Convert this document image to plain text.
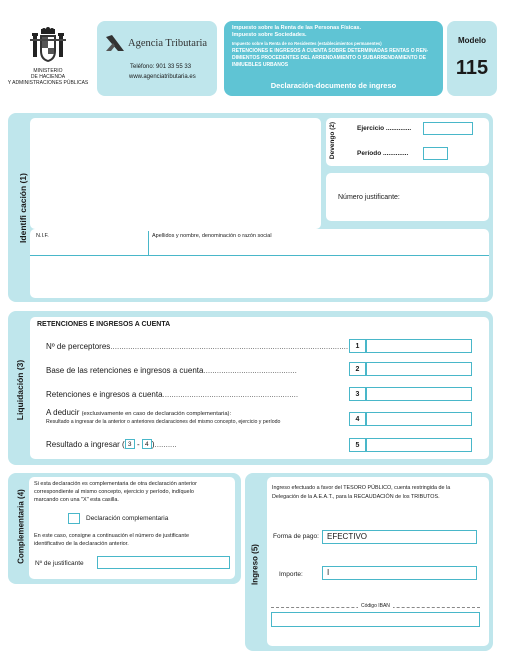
MINISTERIO
DE HACIENDA
Y ADMINISTRACIONES PÚBLICAS
Agencia Tributaria
Teléfono: 901 33 55 33
www.agenciatributaria.es
Impuesto sobre la Renta de las Personas Físicas.
Impuesto sobre Sociedades.
Impuesto sobre la Renta de no Residentes (establecimientos permanentes)
RETENCIONES E INGRESOS A CUENTA SOBRE DETERMINADAS RENTAS O REN-
DIMIENTOS PROCEDENTES DEL ARRENDAMIENTO O SUBARRENDAMIENTO DE
INMUEBLES URBANOS
Declaración-documento de ingreso
Modelo
115
Identifi cación (1)
Devengo (2)	Ejercicio ..............
Período ..............
Número justificante:
N.I.F.	Apellidos y nombre, denominación o razón social
Liquidación (3)
RETENCIONES E INGRESOS A CUENTA
Nº de perceptores...........................................................................................................	1
Base de las retenciones e ingresos a cuenta..........................................	2
Retenciones e ingresos a cuenta.............................................................	3
A deducir (exclusivamente en caso de declaración complementaria):
Resultado a ingresar de la anterior o anteriores declaraciones del mismo concepto, ejercicio y período	4
Resultado a ingresar ( 3 - 4 ) ..........	5
Complementaria (4)
Si esta declaración es complementaria de otra declaración anterior
correspondiente al mismo concepto, ejercicio y período, indíquelo
marcando con una "X" esta casilla.
Declaración complementaria
En este caso, consigne a continuación el número de justificante
identificativo de la declaración anterior.
Nº de justificante	Ingreso (5)
Ingreso efectuado a favor del TESORO PÚBLICO, cuenta restringida de la
Delegación de la A.E.A.T., para la RECAUDACIÓN de los TRIBUTOS.
Forma de pago: EFECTIVO
Importe:	I
Código IBAN
